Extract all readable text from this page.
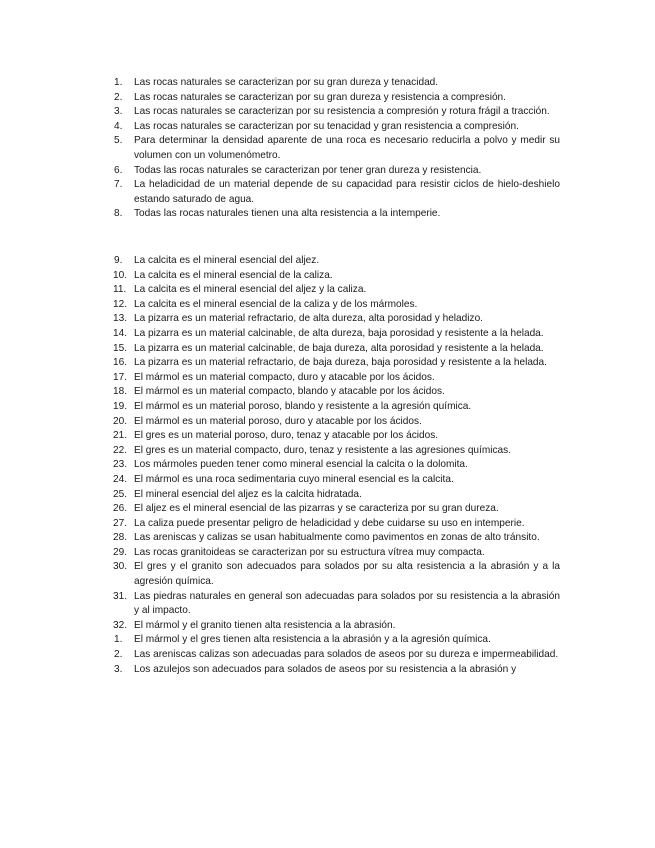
1. Las rocas naturales se caracterizan por su gran dureza y tenacidad.
2. Las rocas naturales se caracterizan por su gran dureza y resistencia a compresión.
3. Las rocas naturales se caracterizan por su resistencia a compresión y rotura frágil a tracción.
4. Las rocas naturales se caracterizan por su tenacidad y gran resistencia a compresión.
5. Para determinar la densidad aparente de una roca es necesario reducirla a polvo y medir su volumen con un volumenómetro.
6. Todas las rocas naturales se caracterizan por tener gran dureza y resistencia.
7. La heladicidad de un material depende de su capacidad para resistir ciclos de hielo-deshielo estando saturado de agua.
8. Todas las rocas naturales tienen una alta resistencia a la intemperie.
9. La calcita es el mineral esencial del aljez.
10. La calcita es el mineral esencial de la caliza.
11. La calcita es el mineral esencial del aljez y la caliza.
12. La calcita es el mineral esencial de la caliza y de los mármoles.
13. La pizarra es un material refractario, de alta dureza, alta porosidad y heladizo.
14. La pizarra es un material calcinable, de alta dureza, baja porosidad y resistente a la helada.
15. La pizarra es un material calcinable, de baja dureza, alta porosidad y resistente a la helada.
16. La pizarra es un material refractario, de baja dureza, baja porosidad y resistente a la helada.
17. El mármol es un material compacto, duro y atacable por los ácidos.
18. El mármol es un material compacto, blando y atacable por los ácidos.
19. El mármol es un material poroso, blando y resistente a la agresión química.
20. El mármol es un material poroso, duro y atacable por los ácidos.
21. El gres es un material poroso, duro, tenaz y atacable por los ácidos.
22. El gres es un material compacto, duro, tenaz y resistente a las agresiones químicas.
23. Los mármoles pueden tener como mineral esencial la calcita o la dolomita.
24. El mármol es una roca sedimentaria cuyo mineral esencial es la calcita.
25. El mineral esencial del aljez es la calcita hidratada.
26. El aljez es el mineral esencial de las pizarras y se caracteriza por su gran dureza.
27. La caliza puede presentar peligro de heladicidad y debe cuidarse su uso en intemperie.
28. Las areniscas y calizas se usan habitualmente como pavimentos en zonas de alto tránsito.
29. Las rocas granitoideas se caracterizan por su estructura vítrea muy compacta.
30. El gres y el granito son adecuados para solados por su alta resistencia a la abrasión y a la agresión química.
31. Las piedras naturales en general son adecuadas para solados por su resistencia a la abrasión y al impacto.
32. El mármol y el granito tienen alta resistencia a la abrasión.
1. El mármol y el gres tienen alta resistencia a la abrasión y a la agresión química.
2. Las areniscas calizas son adecuadas para solados de aseos por su dureza e impermeabilidad.
3. Los azulejos son adecuados para solados de aseos por su resistencia a la abrasión y
